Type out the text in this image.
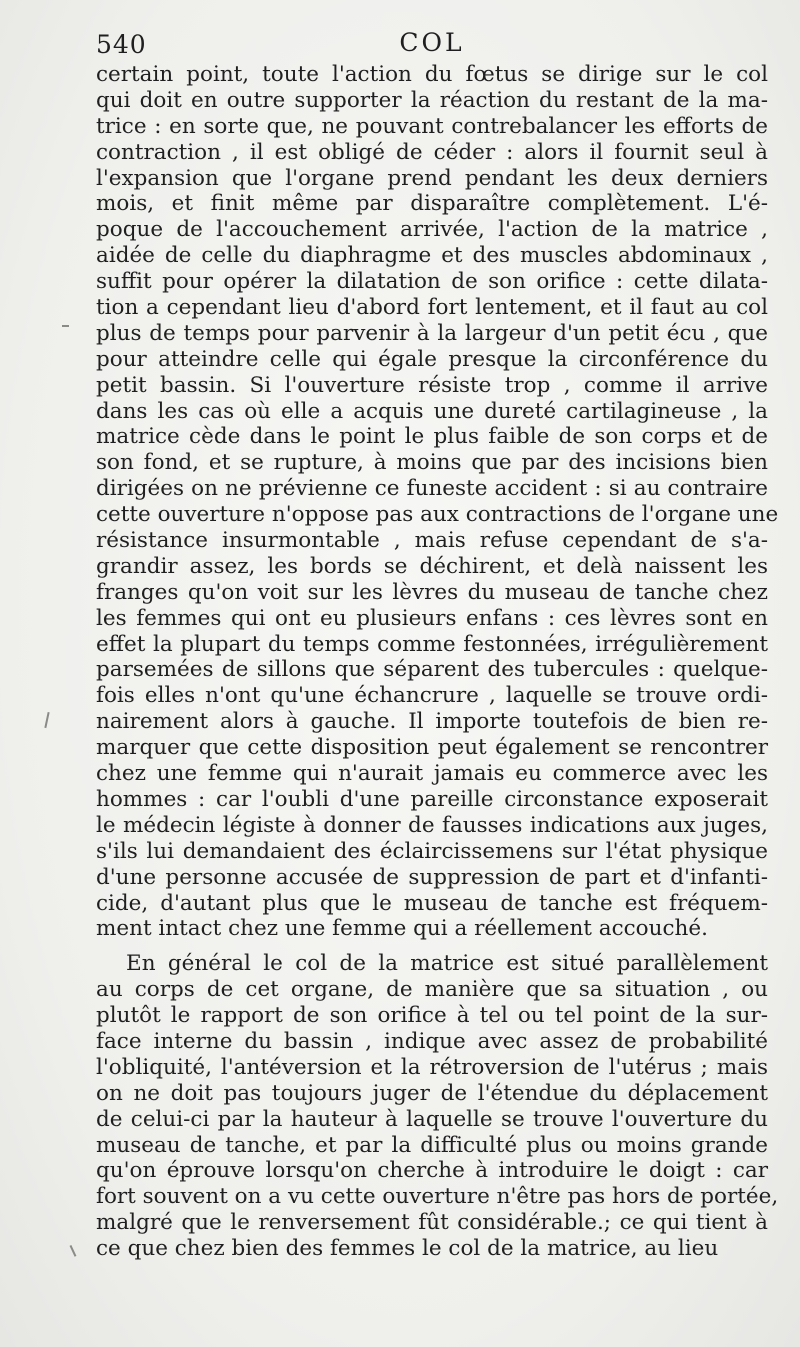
540	COL
certain point, toute l'action du fœtus se dirige sur le col
qui doit en outre supporter la réaction du restant de la ma-
trice : en sorte que, ne pouvant contrebalancer les efforts de
contraction , il est obligé de céder : alors il fournit seul à
l'expansion que l'organe prend pendant les deux derniers
mois, et finit même par disparaître complètement. L'é-
poque de l'accouchement arrivée, l'action de la matrice ,
aidée de celle du diaphragme et des muscles abdominaux ,
suffit pour opérer la dilatation de son orifice : cette dilata-
tion a cependant lieu d'abord fort lentement, et il faut au col
plus de temps pour parvenir à la largeur d'un petit écu , que
pour atteindre celle qui égale presque la circonférence du
petit bassin. Si l'ouverture résiste trop , comme il arrive
dans les cas où elle a acquis une dureté cartilagineuse , la
matrice cède dans le point le plus faible de son corps et de
son fond, et se rupture, à moins que par des incisions bien
dirigées on ne prévienne ce funeste accident : si au contraire
cette ouverture n'oppose pas aux contractions de l'organe une
résistance insurmontable , mais refuse cependant de s'a-
grandir assez, les bords se déchirent, et delà naissent les
franges qu'on voit sur les lèvres du museau de tanche chez
les femmes qui ont eu plusieurs enfans : ces lèvres sont en
effet la plupart du temps comme festonnées, irrégulièrement
parsemées de sillons que séparent des tubercules : quelque-
fois elles n'ont qu'une échancrure , laquelle se trouve ordi-
nairement alors à gauche. Il importe toutefois de bien re-
marquer que cette disposition peut également se rencontrer
chez une femme qui n'aurait jamais eu commerce avec les
hommes : car l'oubli d'une pareille circonstance exposerait
le médecin légiste à donner de fausses indications aux juges,
s'ils lui demandaient des éclaircissemens sur l'état physique
d'une personne accusée de suppression de part et d'infanti-
cide, d'autant plus que le museau de tanche est fréquem-
ment intact chez une femme qui a réellement accouché.
En général le col de la matrice est situé parallèlement
au corps de cet organe, de manière que sa situation , ou
plutôt le rapport de son orifice à tel ou tel point de la sur-
face interne du bassin , indique avec assez de probabilité
l'obliquité, l'antéversion et la rétroversion de l'utérus ; mais
on ne doit pas toujours juger de l'étendue du déplacement
de celui-ci par la hauteur à laquelle se trouve l'ouverture du
museau de tanche, et par la difficulté plus ou moins grande
qu'on éprouve lorsqu'on cherche à introduire le doigt : car
fort souvent on a vu cette ouverture n'être pas hors de portée,
malgré que le renversement fût considérable.; ce qui tient à
ce que chez bien des femmes le col de la matrice, au lieu
